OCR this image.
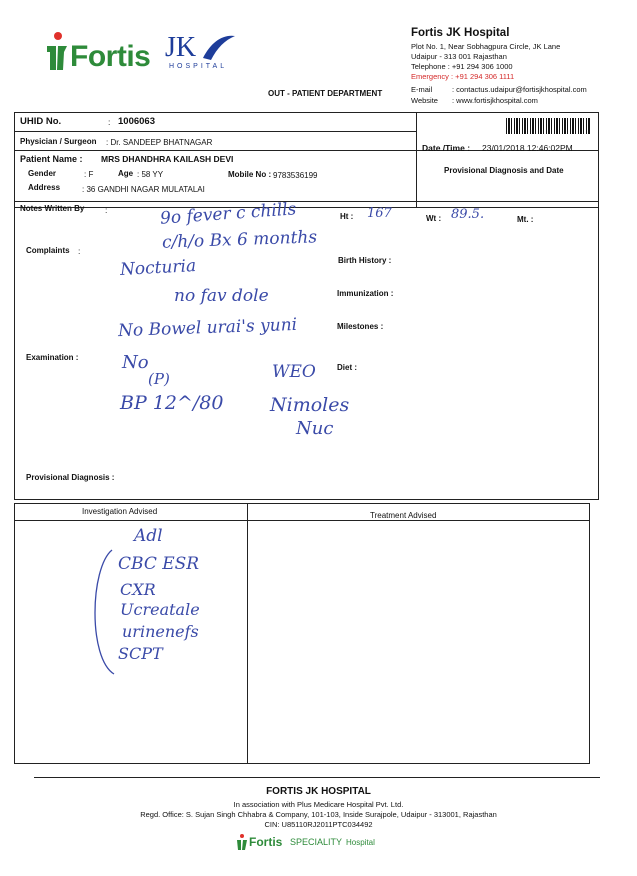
Fortis JK
HOSPITAL
Fortis JK Hospital
Plot No. 1, Near Sobhagpura Circle, JK Lane
Udaipur - 313 001 Rajasthan
Telephone : +91 294 306 1000
Emergency : +91 294 306 1111
E-mail	: contactus.udaipur@fortisjkhospital.com
Website : www.fortisjkhospital.com
OUT - PATIENT DEPARTMENT
UHID No.	: 1006063
Physician / Surgeon : Dr. SANDEEP BHATNAGAR
Date /Time : 23/01/2018 12:46:02PM
Patient Name : MRS DHANDHRA KAILASH DEVI
Provisional Diagnosis and Date
Gender	: F	Age : 58 YY	Mobile No : 9783536199
Address	: 36 GANDHI NAGAR MULATALAI
Notes Written By :
Ht : 167	Wt : 89.5.	Mt. :
Complaints :
Birth History :
Immunization :
Milestones :
Examination :
Diet :
Provisional Diagnosis :
9o fever c chills
c/h/o Bx 6 months
Nocturia
no fav dole
No Bowel urai's yuni
No
(P)
BP 12^/80
WEO
Nimoles
Nuc
Investigation Advised	Treatment Advised
Adl
CBC ESR
CXR
Ucreatale
urinenefs
SCPT
FORTIS JK HOSPITAL
In association with Plus Medicare Hospital Pvt. Ltd.
Regd. Office: S. Sujan Singh Chhabra & Company, 101-103, Inside Surajpole, Udaipur - 313001, Rajasthan
CIN: U85110RJ2011PTC034492
Fortis SPECIALITY Hospital
